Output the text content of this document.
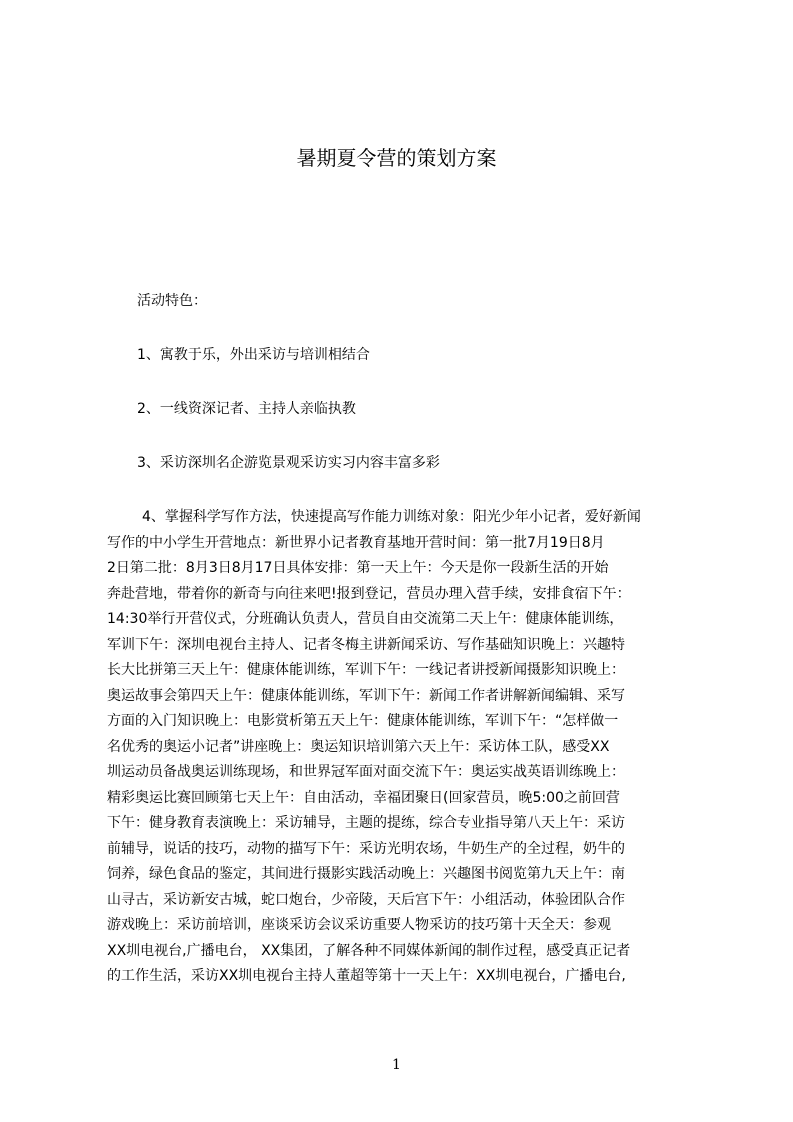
暑期夏令营的策划方案

活动特色：

1、寓教于乐，外出采访与培训相结合

2、一线资深记者、主持人亲临执教

3、采访深圳名企游览景观采访实习内容丰富多彩

4、掌握科学写作方法，快速提高写作能力训练对象：阳光少年小记者，爱好新闻
写作的中小学生开营地点：新世界小记者教育基地开营时间：第一批7月19日8月
2日第二批：8月3日8月17日具体安排：第一天上午：今天是你一段新生活的开始
奔赴营地，带着你的新奇与向往来吧!报到登记，营员办理入营手续，安排食宿下午：
14:30举行开营仪式，分班确认负责人，营员自由交流第二天上午：健康体能训练，
军训下午：深圳电视台主持人、记者冬梅主讲新闻采访、写作基础知识晚上：兴趣特
长大比拼第三天上午：健康体能训练，军训下午：一线记者讲授新闻摄影知识晚上：
奥运故事会第四天上午：健康体能训练，军训下午：新闻工作者讲解新闻编辑、采写
方面的入门知识晚上：电影赏析第五天上午：健康体能训练，军训下午：“怎样做一
名优秀的奥运小记者”讲座晚上：奥运知识培训第六天上午：采访体工队，感受XX
圳运动员备战奥运训练现场，和世界冠军面对面交流下午：奥运实战英语训练晚上：
精彩奥运比赛回顾第七天上午：自由活动，幸福团聚日(回家营员，晚5:00之前回营
下午：健身教育表演晚上：采访辅导，主题的提练，综合专业指导第八天上午：采访
前辅导，说话的技巧，动物的描写下午：采访光明农场，牛奶生产的全过程，奶牛的
饲养，绿色食品的鉴定，其间进行摄影实践活动晚上：兴趣图书阅览第九天上午：南
山寻古，采访新安古城，蛇口炮台，少帝陵，天后宫下午：小组活动，体验团队合作
游戏晚上：采访前培训，座谈采访会议采访重要人物采访的技巧第十天全天：参观
XX圳电视台,广播电台， XX集团，了解各种不同媒体新闻的制作过程，感受真正记者
的工作生活，采访XX圳电视台主持人董超等第十一天上午：XX圳电视台，广播电台,

1
